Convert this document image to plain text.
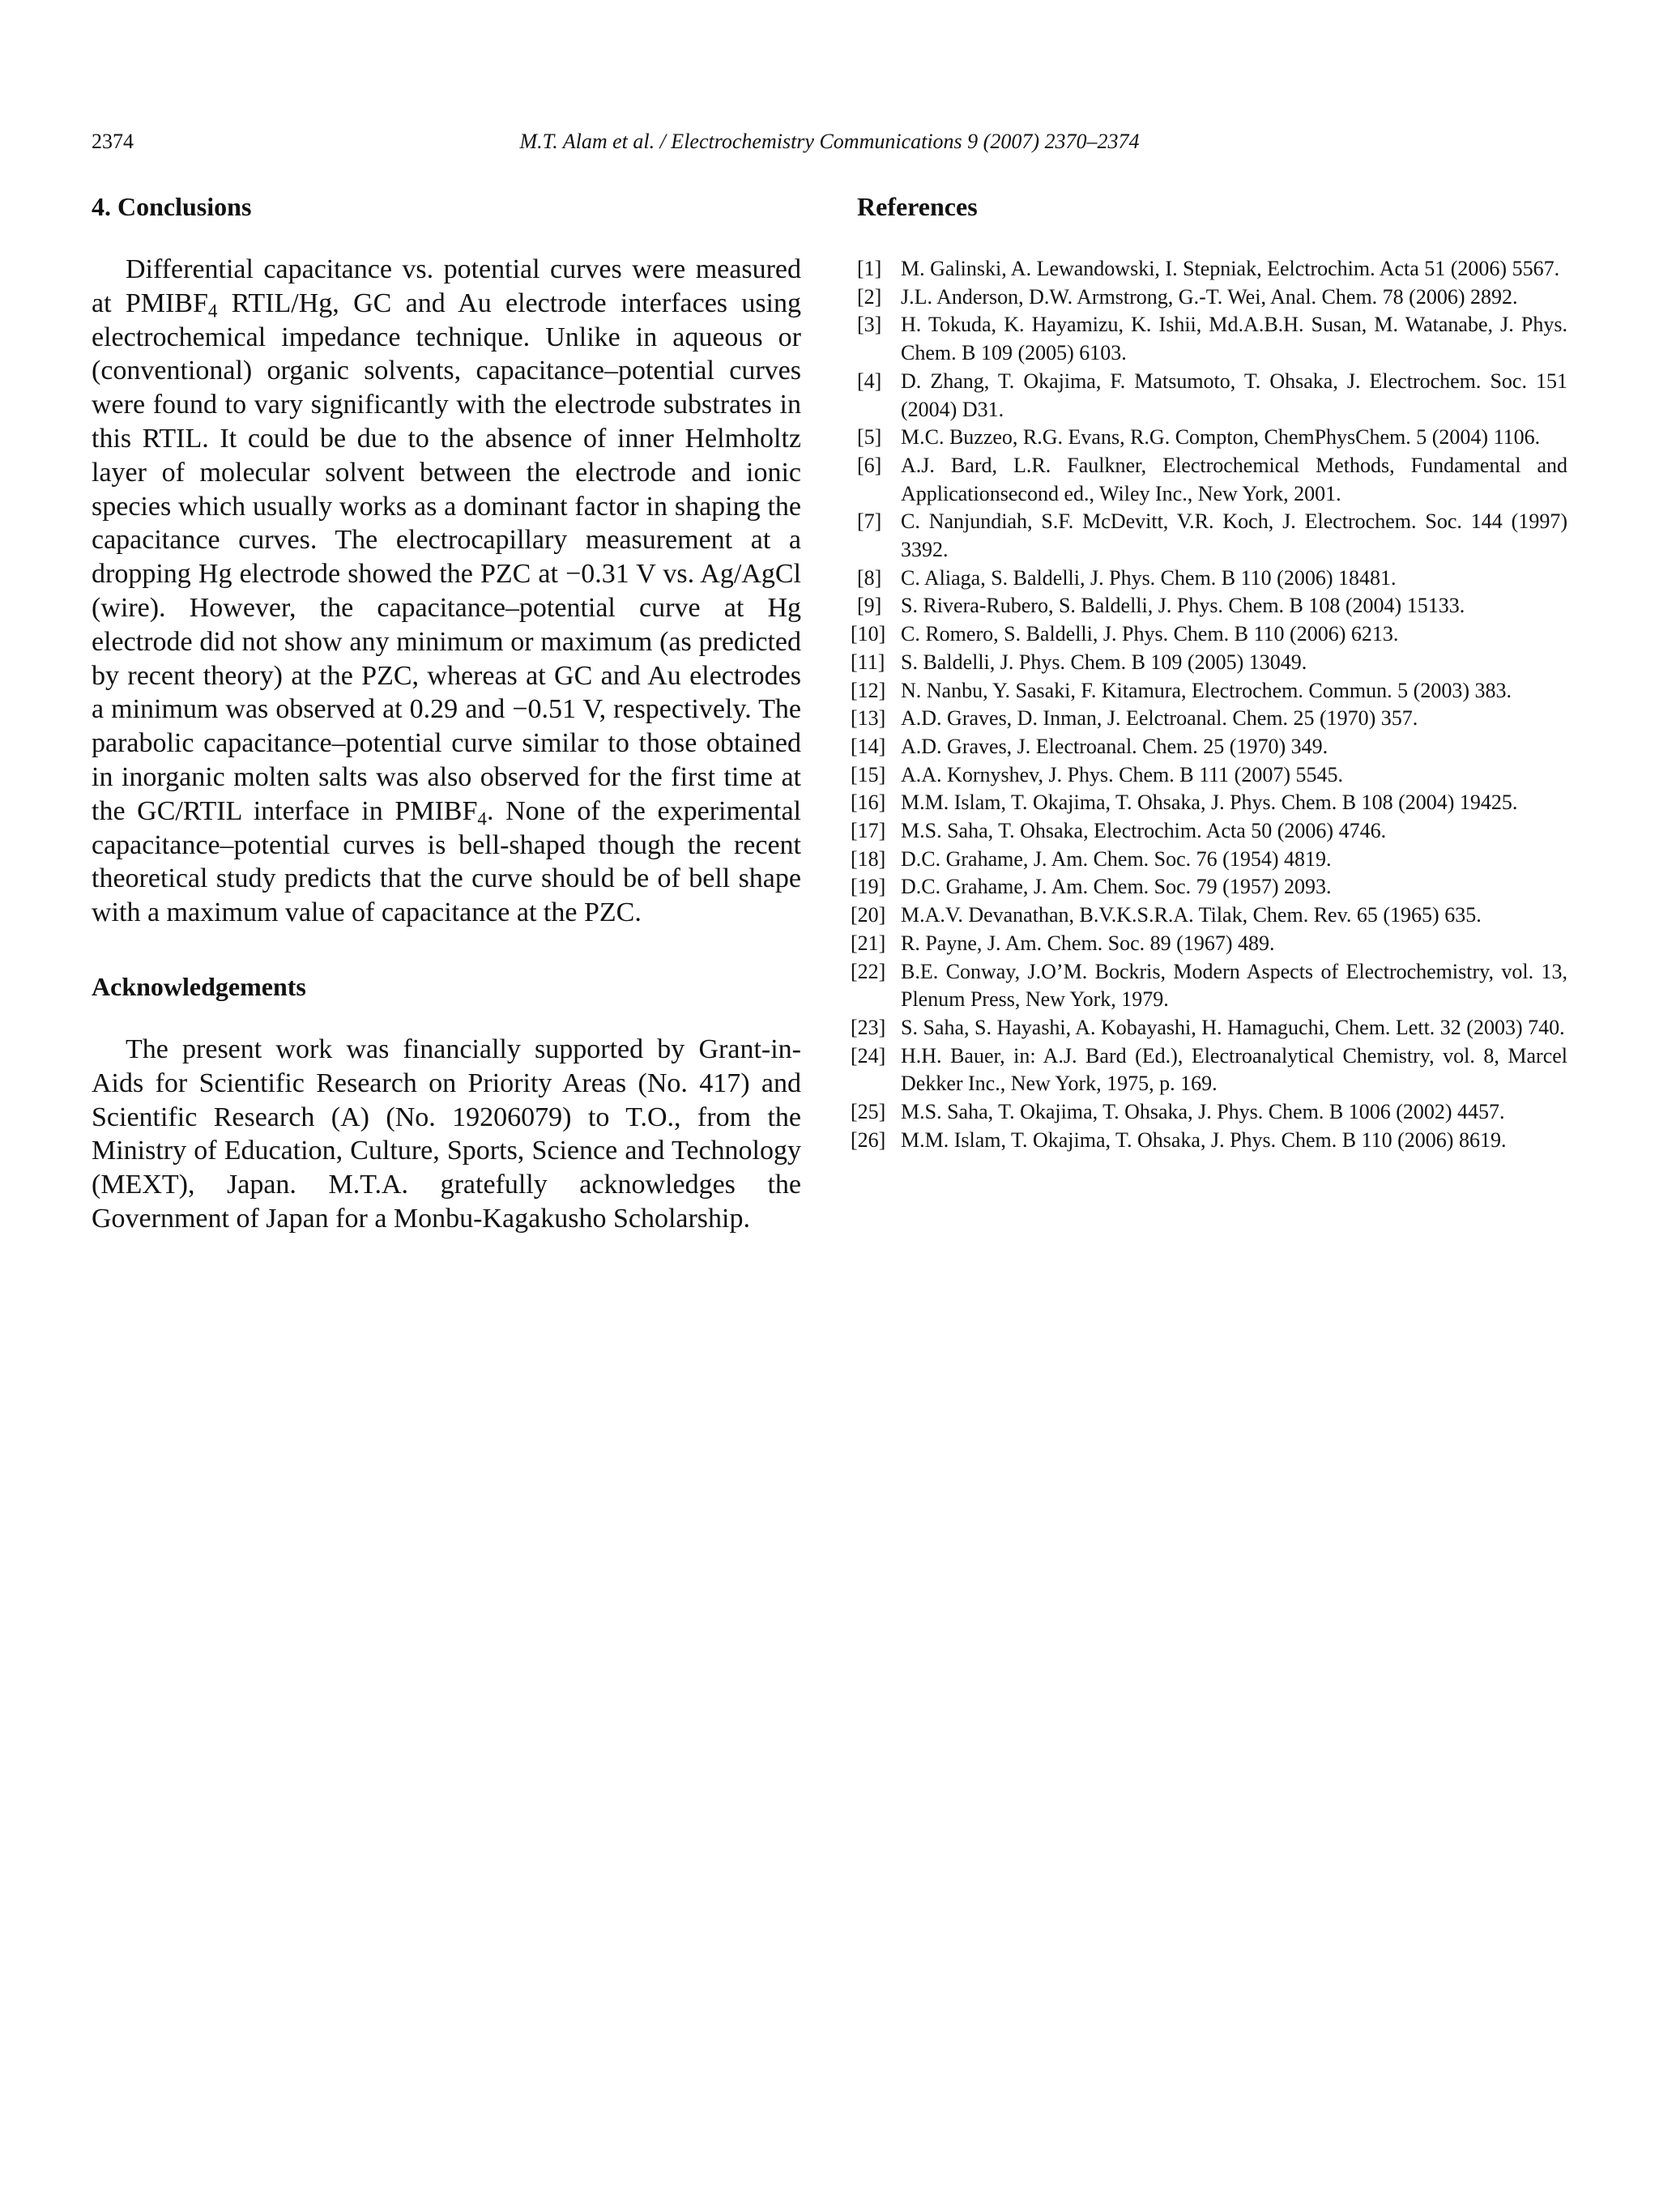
2374	M.T. Alam et al. / Electrochemistry Communications 9 (2007) 2370–2374
4. Conclusions

Differential capacitance vs. potential curves were measured at $PMIBF_4$ RTIL/Hg, GC and Au electrode interfaces using electrochemical impedance technique. Unlike in aqueous or (conventional) organic solvents, capacitance–potential curves were found to vary significantly with the electrode substrates in this RTIL. It could be due to the absence of inner Helmholtz layer of molecular solvent between the electrode and ionic species which usually works as a dominant factor in shaping the capacitance curves. The electrocapillary measurement at a dropping Hg electrode showed the PZC at −0.31 V vs. Ag/AgCl (wire). However, the capacitance–potential curve at Hg electrode did not show any minimum or maximum (as predicted by recent theory) at the PZC, whereas at GC and Au electrodes a minimum was observed at 0.29 and −0.51 V, respectively. The parabolic capacitance–potential curve similar to those obtained in inorganic molten salts was also observed for the first time at the GC/RTIL interface in $PMIBF_4$. None of the experimental capacitance–potential curves is bell-shaped though the recent theoretical study predicts that the curve should be of bell shape with a maximum value of capacitance at the PZC.

Acknowledgements

The present work was financially supported by Grant-in-Aids for Scientific Research on Priority Areas (No. 417) and Scientific Research (A) (No. 19206079) to T.O., from the Ministry of Education, Culture, Sports, Science and Technology (MEXT), Japan. M.T.A. gratefully acknowledges the Government of Japan for a Monbu-Kagakusho Scholarship.

References
[1] M. Galinski, A. Lewandowski, I. Stepniak, Eelctrochim. Acta 51 (2006) 5567.
[2] J.L. Anderson, D.W. Armstrong, G.-T. Wei, Anal. Chem. 78 (2006) 2892.
[3] H. Tokuda, K. Hayamizu, K. Ishii, Md.A.B.H. Susan, M. Watanabe, J. Phys. Chem. B 109 (2005) 6103.
[4] D. Zhang, T. Okajima, F. Matsumoto, T. Ohsaka, J. Electrochem. Soc. 151 (2004) D31.
[5] M.C. Buzzeo, R.G. Evans, R.G. Compton, ChemPhysChem. 5 (2004) 1106.
[6] A.J. Bard, L.R. Faulkner, Electrochemical Methods, Fundamental and Applicationsecond ed., Wiley Inc., New York, 2001.
[7] C. Nanjundiah, S.F. McDevitt, V.R. Koch, J. Electrochem. Soc. 144 (1997) 3392.
[8] C. Aliaga, S. Baldelli, J. Phys. Chem. B 110 (2006) 18481.
[9] S. Rivera-Rubero, S. Baldelli, J. Phys. Chem. B 108 (2004) 15133.
[10] C. Romero, S. Baldelli, J. Phys. Chem. B 110 (2006) 6213.
[11] S. Baldelli, J. Phys. Chem. B 109 (2005) 13049.
[12] N. Nanbu, Y. Sasaki, F. Kitamura, Electrochem. Commun. 5 (2003) 383.
[13] A.D. Graves, D. Inman, J. Eelctroanal. Chem. 25 (1970) 357.
[14] A.D. Graves, J. Electroanal. Chem. 25 (1970) 349.
[15] A.A. Kornyshev, J. Phys. Chem. B 111 (2007) 5545.
[16] M.M. Islam, T. Okajima, T. Ohsaka, J. Phys. Chem. B 108 (2004) 19425.
[17] M.S. Saha, T. Ohsaka, Electrochim. Acta 50 (2006) 4746.
[18] D.C. Grahame, J. Am. Chem. Soc. 76 (1954) 4819.
[19] D.C. Grahame, J. Am. Chem. Soc. 79 (1957) 2093.
[20] M.A.V. Devanathan, B.V.K.S.R.A. Tilak, Chem. Rev. 65 (1965) 635.
[21] R. Payne, J. Am. Chem. Soc. 89 (1967) 489.
[22] B.E. Conway, J.O’M. Bockris, Modern Aspects of Electrochemistry, vol. 13, Plenum Press, New York, 1979.
[23] S. Saha, S. Hayashi, A. Kobayashi, H. Hamaguchi, Chem. Lett. 32 (2003) 740.
[24] H.H. Bauer, in: A.J. Bard (Ed.), Electroanalytical Chemistry, vol. 8, Marcel Dekker Inc., New York, 1975, p. 169.
[25] M.S. Saha, T. Okajima, T. Ohsaka, J. Phys. Chem. B 1006 (2002) 4457.
[26] M.M. Islam, T. Okajima, T. Ohsaka, J. Phys. Chem. B 110 (2006) 8619.
